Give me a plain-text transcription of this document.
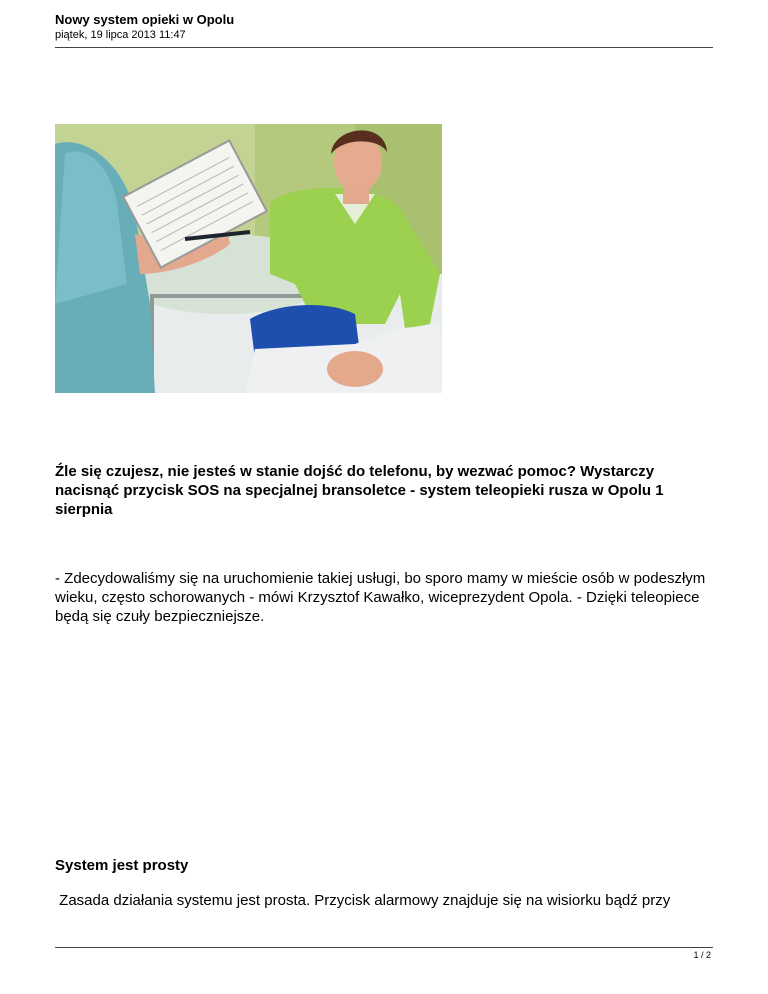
Nowy system opieki w Opolu

piątek, 19 lipca 2013 11:47

Źle się czujesz, nie jesteś w stanie dojść do telefonu, by wezwać pomoc? Wystarczy nacisnąć przycisk SOS na specjalnej bransoletce - system teleopieki rusza w Opolu 1 sierpnia

- Zdecydowaliśmy się na uruchomienie takiej usługi, bo sporo mamy w mieście osób w podeszłym wieku, często schorowanych - mówi Krzysztof Kawałko, wiceprezydent Opola. - Dzięki teleopiece będą się czuły bezpieczniejsze.

System jest prosty

Zasada działania systemu jest prosta. Przycisk alarmowy znajduje się na wisiorku bądź przy

1 / 2
